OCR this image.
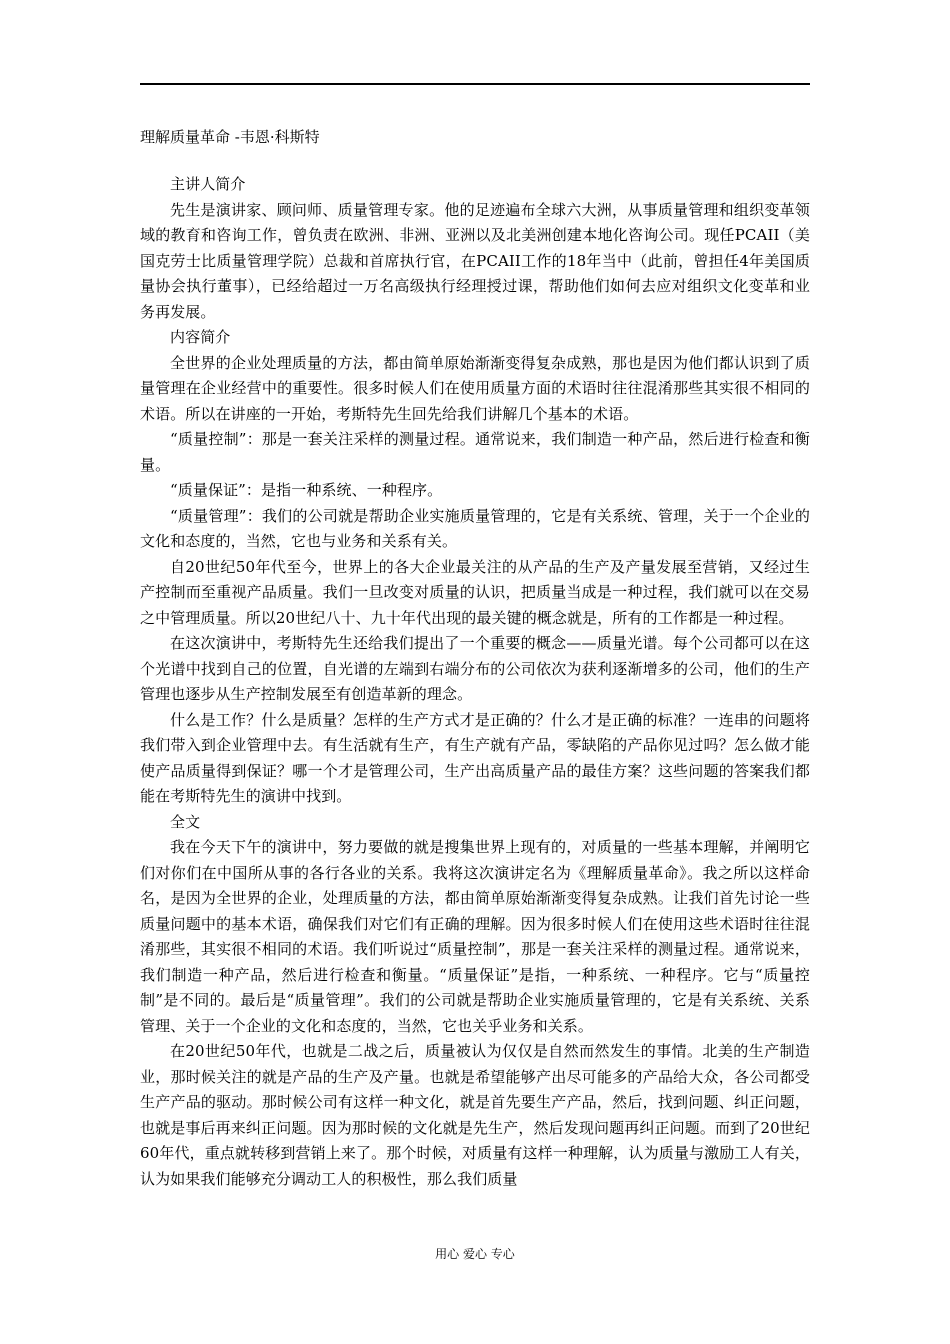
理解质量革命 -韦恩·科斯特

主讲人简介

先生是演讲家、顾问师、质量管理专家。他的足迹遍布全球六大洲，从事质量管理和组织变革领域的教育和咨询工作，曾负责在欧洲、非洲、亚洲以及北美洲创建本地化咨询公司。现任PCAII（美国克劳士比质量管理学院）总裁和首席执行官，在PCAII工作的18年当中（此前，曾担任4年美国质量协会执行董事），已经给超过一万名高级执行经理授过课，帮助他们如何去应对组织文化变革和业务再发展。

内容简介

全世界的企业处理质量的方法，都由简单原始渐渐变得复杂成熟，那也是因为他们都认识到了质量管理在企业经营中的重要性。很多时候人们在使用质量方面的术语时往往混淆那些其实很不相同的术语。所以在讲座的一开始，考斯特先生回先给我们讲解几个基本的术语。

“质量控制”：那是一套关注采样的测量过程。通常说来，我们制造一种产品，然后进行检查和衡量。

“质量保证”：是指一种系统、一种程序。

“质量管理”：我们的公司就是帮助企业实施质量管理的，它是有关系统、管理，关于一个企业的文化和态度的，当然，它也与业务和关系有关。

自20世纪50年代至今，世界上的各大企业最关注的从产品的生产及产量发展至营销，又经过生产控制而至重视产品质量。我们一旦改变对质量的认识，把质量当成是一种过程，我们就可以在交易之中管理质量。所以20世纪八十、九十年代出现的最关键的概念就是，所有的工作都是一种过程。

在这次演讲中，考斯特先生还给我们提出了一个重要的概念——质量光谱。每个公司都可以在这个光谱中找到自己的位置，自光谱的左端到右端分布的公司依次为获利逐渐增多的公司，他们的生产管理也逐步从生产控制发展至有创造革新的理念。

什么是工作？什么是质量？怎样的生产方式才是正确的？什么才是正确的标准？一连串的问题将我们带入到企业管理中去。有生活就有生产，有生产就有产品，零缺陷的产品你见过吗？怎么做才能使产品质量得到保证？哪一个才是管理公司，生产出高质量产品的最佳方案？这些问题的答案我们都能在考斯特先生的演讲中找到。

全文

我在今天下午的演讲中，努力要做的就是搜集世界上现有的，对质量的一些基本理解，并阐明它们对你们在中国所从事的各行各业的关系。我将这次演讲定名为《理解质量革命》。我之所以这样命名，是因为全世界的企业，处理质量的方法，都由简单原始渐渐变得复杂成熟。让我们首先讨论一些质量问题中的基本术语，确保我们对它们有正确的理解。因为很多时候人们在使用这些术语时往往混淆那些，其实很不相同的术语。我们听说过“质量控制”，那是一套关注采样的测量过程。通常说来，我们制造一种产品，然后进行检查和衡量。“质量保证”是指，一种系统、一种程序。它与“质量控制”是不同的。最后是“质量管理”。我们的公司就是帮助企业实施质量管理的，它是有关系统、关系管理、关于一个企业的文化和态度的，当然，它也关乎业务和关系。

在20世纪50年代，也就是二战之后，质量被认为仅仅是自然而然发生的事情。北美的生产制造业，那时候关注的就是产品的生产及产量。也就是希望能够产出尽可能多的产品给大众，各公司都受生产产品的驱动。那时候公司有这样一种文化，就是首先要生产产品，然后，找到问题、纠正问题，也就是事后再来纠正问题。因为那时候的文化就是先生产，然后发现问题再纠正问题。而到了20世纪60年代，重点就转移到营销上来了。那个时候，对质量有这样一种理解，认为质量与激励工人有关，认为如果我们能够充分调动工人的积极性，那么我们质量

用心 爱心 专心
